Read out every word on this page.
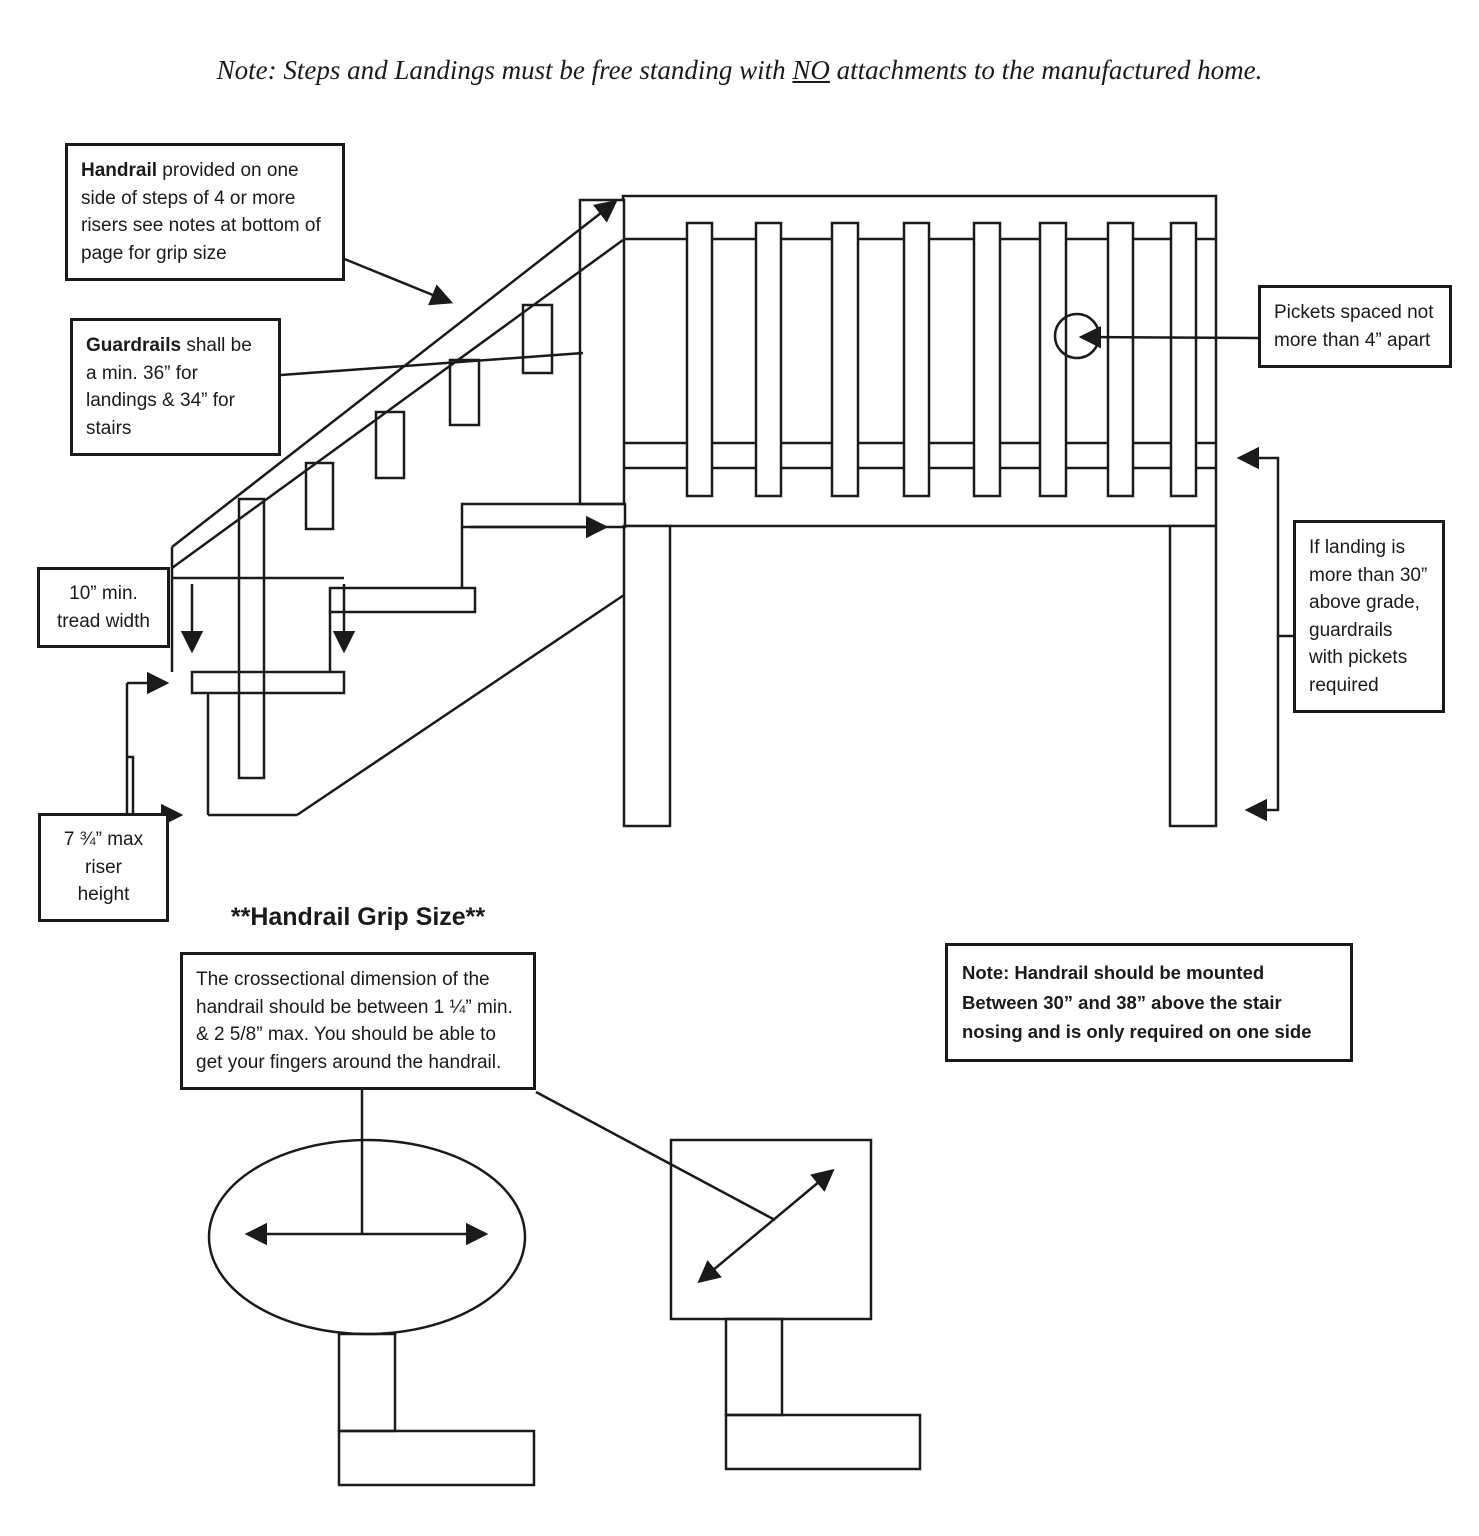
Note: Steps and Landings must be free standing with NO attachments to the manufactured home.
Handrail provided on one side of steps of 4 or more risers see notes at bottom of page for grip size
Guardrails shall be a min. 36” for landings & 34” for stairs
Pickets spaced not more than 4” apart
If landing is more than 30” above grade, guardrails with pickets required
10” min. tread width
7 ¾” max riser height
**Handrail Grip Size**
The crossectional dimension of the handrail should be between 1 ¼” min. & 2 5/8” max. You should be able to get your fingers around the handrail.
Note: Handrail should be mounted Between 30” and 38” above the stair nosing and is only required on one side
